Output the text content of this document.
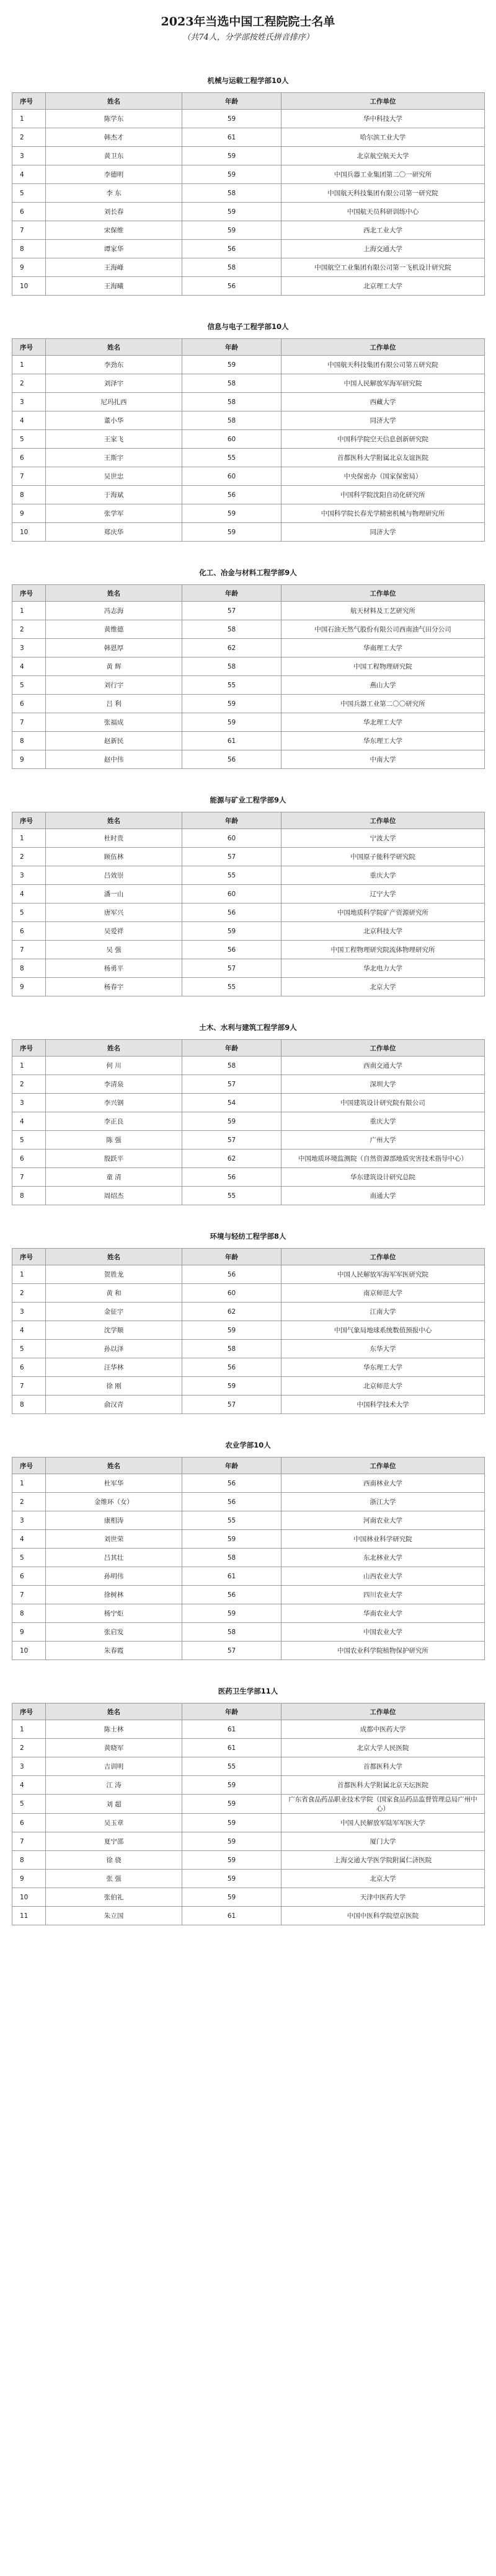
2023年当选中国工程院院士名单

（共74人，分学部按姓氏拼音排序）

机械与运载工程学部10人
序号	姓名	年龄	工作单位
1	陈学东	59	华中科技大学
2	韩杰才	61	哈尔滨工业大学
3	黄卫东	59	北京航空航天大学
4	李德明	59	中国兵器工业集团第二〇一研究所
5	李 东	58	中国航天科技集团有限公司第一研究院
6	刘长春	59	中国航天员科研训练中心
7	宋保维	59	西北工业大学
8	谭家华	56	上海交通大学
9	王海峰	58	中国航空工业集团有限公司第一飞机设计研究院
10	王海曦	56	北京理工大学
信息与电子工程学部10人
序号	姓名	年龄	工作单位
1	李劲东	59	中国航天科技集团有限公司第五研究院
2	刘泽宇	58	中国人民解放军海军研究院
3	尼玛扎西	58	西藏大学
4	董小华	58	同济大学
5	王家飞	60	中国科学院空天信息创新研究院
6	王斯宇	55	首都医科大学附属北京友谊医院
7	吴世忠	60	中央保密办（国家保密局）
8	于海斌	56	中国科学院沈阳自动化研究所
9	张学军	59	中国科学院长春光学精密机械与物理研究所
10	郑庆华	59	同济大学
化工、冶金与材料工程学部9人
序号	姓名	年龄	工作单位
1	冯志海	57	航天材料及工艺研究所
2	黄维德	58	中国石油天然气股份有限公司西南油气田分公司
3	韩恩厚	62	华南理工大学
4	黄 辉	58	中国工程物理研究院
5	刘行宇	55	燕山大学
6	吕 利	59	中国兵器工业第二〇〇研究所
7	张福成	59	华北理工大学
8	赵新民	61	华东理工大学
9	赵中伟	56	中南大学
能源与矿业工程学部9人
序号	姓名	年龄	工作单位
1	杜时贵	60	宁波大学
2	顾伍林	57	中国原子能科学研究院
3	吕效崇	55	重庆大学
4	潘一山	60	辽宁大学
5	唐军兴	56	中国地质科学院矿产资源研究所
6	吴爱祥	59	北京科技大学
7	吴 强	56	中国工程物理研究院流体物理研究所
8	杨勇平	57	华北电力大学
9	杨春宇	55	北京大学
土木、水利与建筑工程学部9人
序号	姓名	年龄	工作单位
1	何 川	58	西南交通大学
2	李清泉	57	深圳大学
3	李兴钢	54	中国建筑设计研究院有限公司
4	李正良	59	重庆大学
5	陈 强	57	广州大学
6	殷跃平	62	中国地质环境监测院（自然资源部地质灾害技术指导中心）
7	童 清	56	华东建筑设计研究总院
8	周绍杰	55	南通大学
环境与轻纺工程学部8人
序号	姓名	年龄	工作单位
1	贺胜龙	56	中国人民解放军海军军医研究院
2	黄 和	60	南京师范大学
3	金征宇	62	江南大学
4	沈学顺	59	中国气象局地球系统数值预报中心
5	孙以泽	58	东华大学
6	汪华林	56	华东理工大学
7	徐 刚	59	北京师范大学
8	俞汉青	57	中国科学技术大学
农业学部10人
序号	姓名	年龄	工作单位
1	杜军华	56	西南林业大学
2	金维环（女）	56	浙江大学
3	康相涛	55	河南农业大学
4	刘世荣	59	中国林业科学研究院
5	吕其壮	58	东北林业大学
6	孙明伟	61	山西农业大学
7	徐树林	56	四川农业大学
8	杨宁炬	59	华南农业大学
9	张启发	58	中国农业大学
10	朱春霞	57	中国农业科学院植物保护研究所
医药卫生学部11人
序号	姓名	年龄	工作单位
1	陈士林	61	成都中医药大学
2	黄晓军	61	北京大学人民医院
3	吉训明	55	首都医科大学
4	江 涛	59	首都医科大学附属北京天坛医院
5	刘 超	59	广东省食品药品职业技术学院（国家食品药品监督管理总局广州中心）
6	吴玉章	59	中国人民解放军陆军军医大学
7	夏宁邵	59	厦门大学
8	徐 骁	59	上海交通大学医学院附属仁济医院
9	张 强	59	北京大学
10	张伯礼	59	天津中医药大学
11	朱立国	61	中国中医科学院望京医院
